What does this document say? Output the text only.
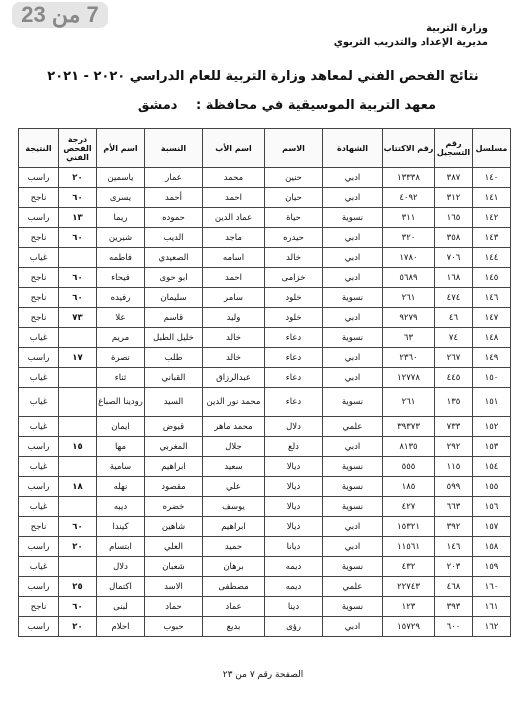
7 من 23
وزارة التربية
مديرية الإعداد والتدريب التربوي
نتائج الفحص الفني لمعاهد وزارة التربية للعام الدراسي ٢٠٢٠ - ٢٠٢١
معهد التربية الموسيقية في محافظة : دمشق
مسلسل	رقم التسجيل	رقم الاكتتاب	الشهادة	الاسم	اسم الأب	النسبة	اسم الأم	درجة الفحص الفني	النتيجة
١٤٠	٣٨٧	١٣٣٣٨	ادبي	حنين	محمد	عمار	ياسمين	٢٠	راسب
١٤١	٣١٢	٤٠٩٢	ادبي	حيان	احمد	أحمد	يسرى	٦٠	ناجح
١٤٢	١٦٥	٣١١	نسوية	حياة	عماد الدين	حموده	ريما	١٣	راسب
١٤٣	٣٥٨	٣٢٠	ادبي	حيدره	ماجد	الديب	شيرين	٦٠	ناجح
١٤٤	٧٠٦	١٧٨٠	ادبي	خالد	اسامه	الصعيدي	فاطمه		غياب
١٤٥	١٦٨	٥٦٨٩	ادبي	خزامى	احمد	ابو حوى	فيحاء	٦٠	ناجح
١٤٦	٤٧٤	٢٦١	نسوية	خلود	سامر	سليمان	رفيده	٦٠	ناجح
١٤٧	٤٦	٩٢٧٩	ادبي	خلود	وليد	قاسم	علا	٧٣	ناجح
١٤٨	٧٤	٦٣	نسوية	دعاء	خالد	خليل الطبل	مريم		غياب
١٤٩	٢٦٧	٢٣٦٠	ادبي	دعاء	خالد	طلب	نصرة	١٧	راسب
١٥٠	٤٤٥	١٢٧٧٨	ادبي	دعاء	عبدالرزاق	القباني	ثناء		غياب
١٥١	١٣٥	٢٦١	نسوية	دعاء	محمد نور الدين	السيد	رودينا الصباغ		غياب
١٥٢	٧٣٣	٣٩٣٧٣	علمي	دلال	محمد ماهر	قيوض	ايمان		غياب
١٥٣	٢٩٢	٨١٣٥	ادبي	دلع	جلال	المغربي	مها	١٥	راسب
١٥٤	١١٥	٥٥٥	نسوية	ديالا	سعيد	ابراهيم	سامية		غياب
١٥٥	٥٩٩	١٨٥	نسوية	ديالا	علي	مقصود	نهله	١٨	راسب
١٥٦	٦٦٣	٤٢٧	نسوية	ديالا	يوسف	خضره	ديبه		غياب
١٥٧	٣٩٢	١٥٣٢١	ادبي	ديالا	ابراهيم	شاهين	كيندا	٦٠	ناجح
١٥٨	١٤٦	١١٥٦١	ادبي	ديانا	حميد	العلي	ابتسام	٢٠	راسب
١٥٩	٢٠٣	٤٣٢	نسوية	ديمه	برهان	شعبان	دلال		غياب
١٦٠	٤٦٨	٢٢٧٤٣	علمي	ديمه	مصطفى	الاسد	اكتمال	٢٥	راسب
١٦١	٣٩٣	١٢٣	نسوية	دينا	عماد	حماد	لبنى	٦٠	ناجح
١٦٢	٦٠٠	١٥٧٢٩	ادبي	رؤى	بديع	حبوب	احلام	٢٠	راسب
الصفحة رقم ٧ من ٢٣
